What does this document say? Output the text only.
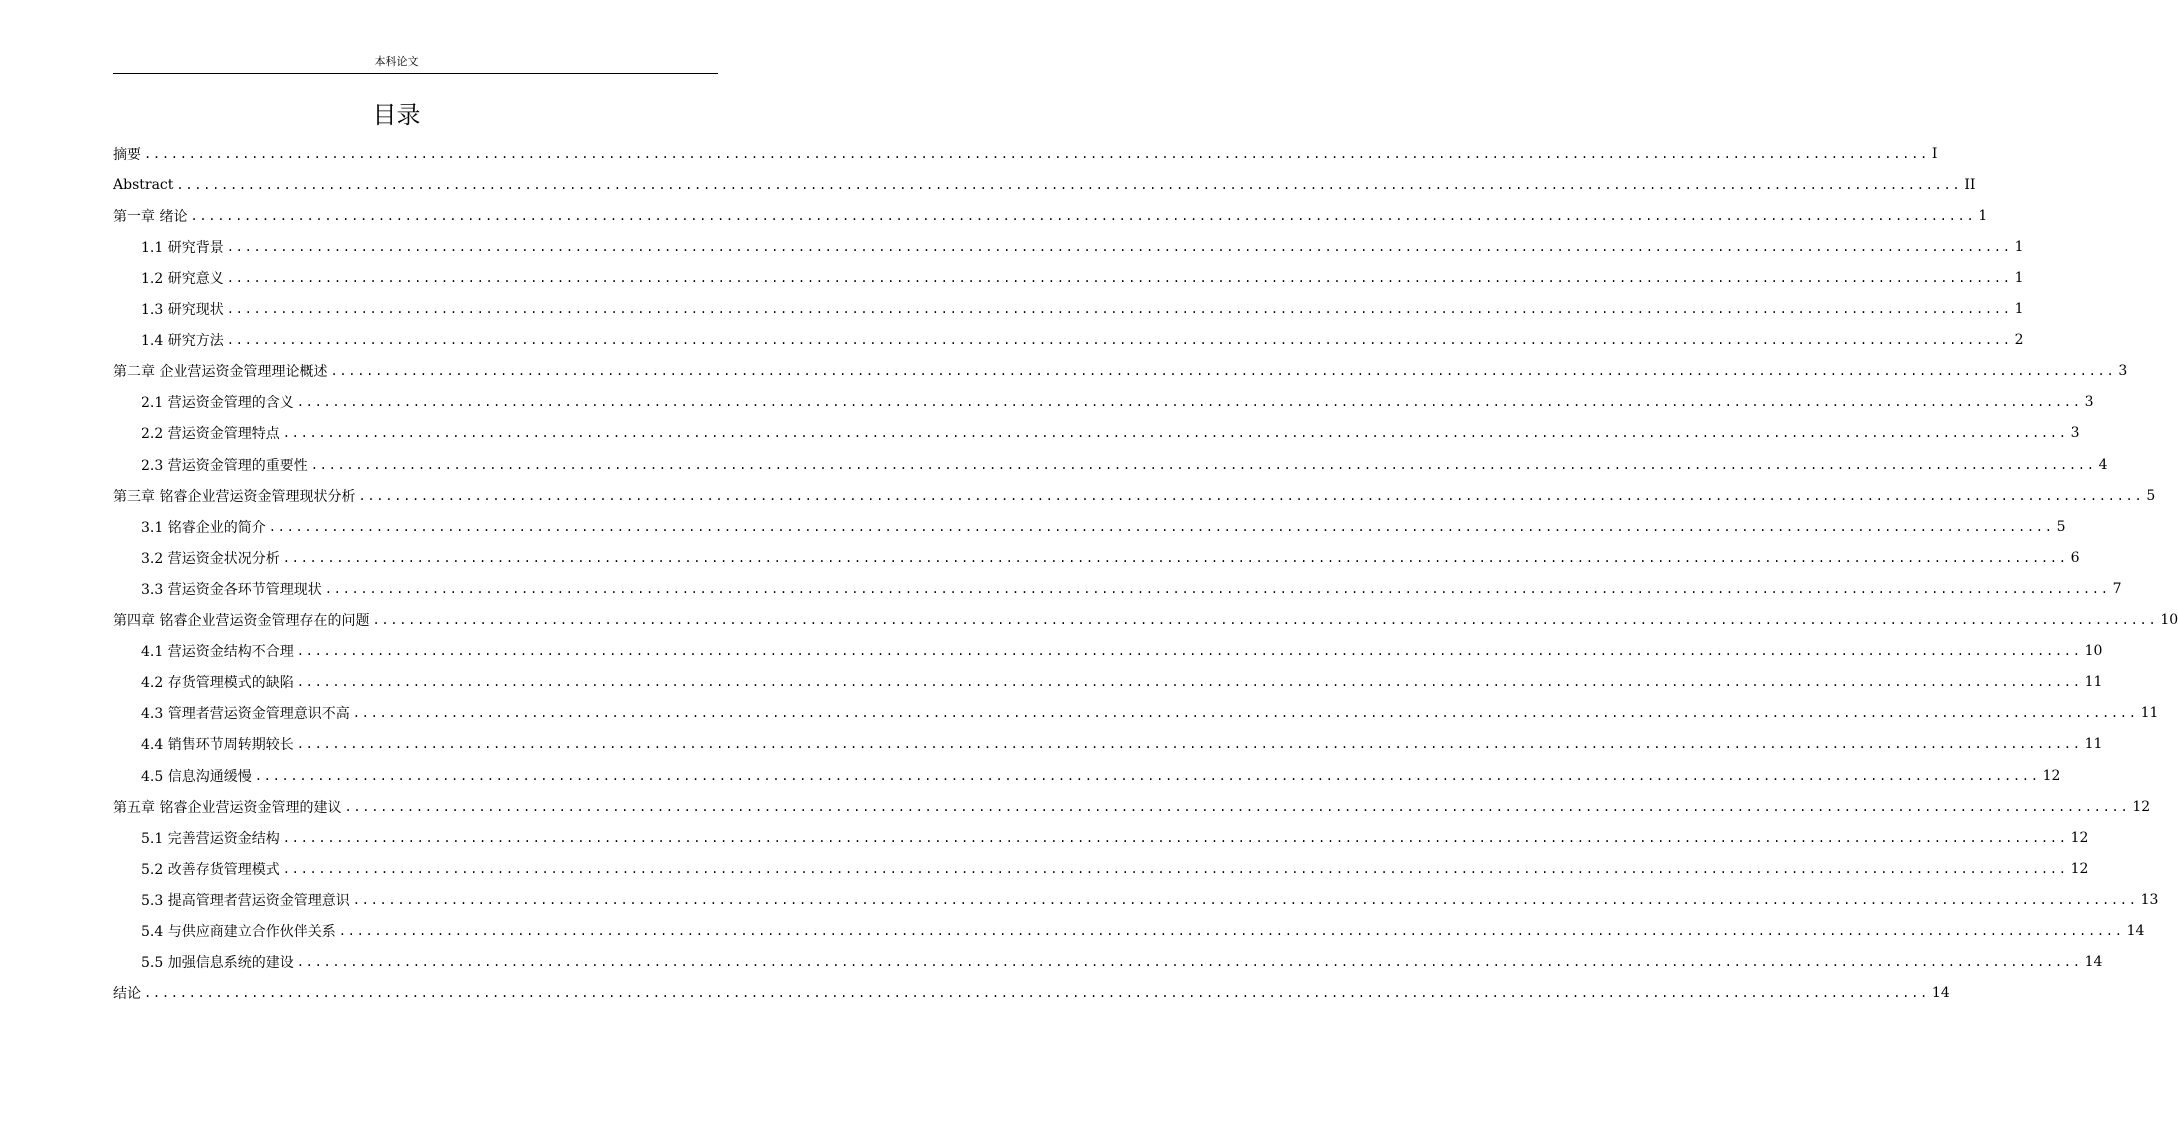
本科论文
目录
摘要 ........................................................................................................................................................................................................ I
Abstract ........................................................................................................................................................................................................ II
第一章 绪论 ........................................................................................................................................................................................................ 1
1.1 研究背景 ........................................................................................................................................................................................................ 1
1.2 研究意义 ........................................................................................................................................................................................................ 1
1.3 研究现状 ........................................................................................................................................................................................................ 1
1.4 研究方法 ........................................................................................................................................................................................................ 2
第二章 企业营运资金管理理论概述 ........................................................................................................................................................................................................ 3
2.1 营运资金管理的含义 ........................................................................................................................................................................................................ 3
2.2 营运资金管理特点 ........................................................................................................................................................................................................ 3
2.3 营运资金管理的重要性 ........................................................................................................................................................................................................ 4
第三章 铭睿企业营运资金管理现状分析 ........................................................................................................................................................................................................ 5
3.1 铭睿企业的简介 ........................................................................................................................................................................................................ 5
3.2 营运资金状况分析 ........................................................................................................................................................................................................ 6
3.3 营运资金各环节管理现状 ........................................................................................................................................................................................................ 7
第四章 铭睿企业营运资金管理存在的问题 ........................................................................................................................................................................................................ 10
4.1 营运资金结构不合理 ........................................................................................................................................................................................................ 10
4.2 存货管理模式的缺陷 ........................................................................................................................................................................................................ 11
4.3 管理者营运资金管理意识不高 ........................................................................................................................................................................................................ 11
4.4 销售环节周转期较长 ........................................................................................................................................................................................................ 11
4.5 信息沟通缓慢 ........................................................................................................................................................................................................ 12
第五章 铭睿企业营运资金管理的建议 ........................................................................................................................................................................................................ 12
5.1 完善营运资金结构 ........................................................................................................................................................................................................ 12
5.2 改善存货管理模式 ........................................................................................................................................................................................................ 12
5.3 提高管理者营运资金管理意识 ........................................................................................................................................................................................................ 13
5.4 与供应商建立合作伙伴关系 ........................................................................................................................................................................................................ 14
5.5 加强信息系统的建设 ........................................................................................................................................................................................................ 14
结论 ........................................................................................................................................................................................................ 14
